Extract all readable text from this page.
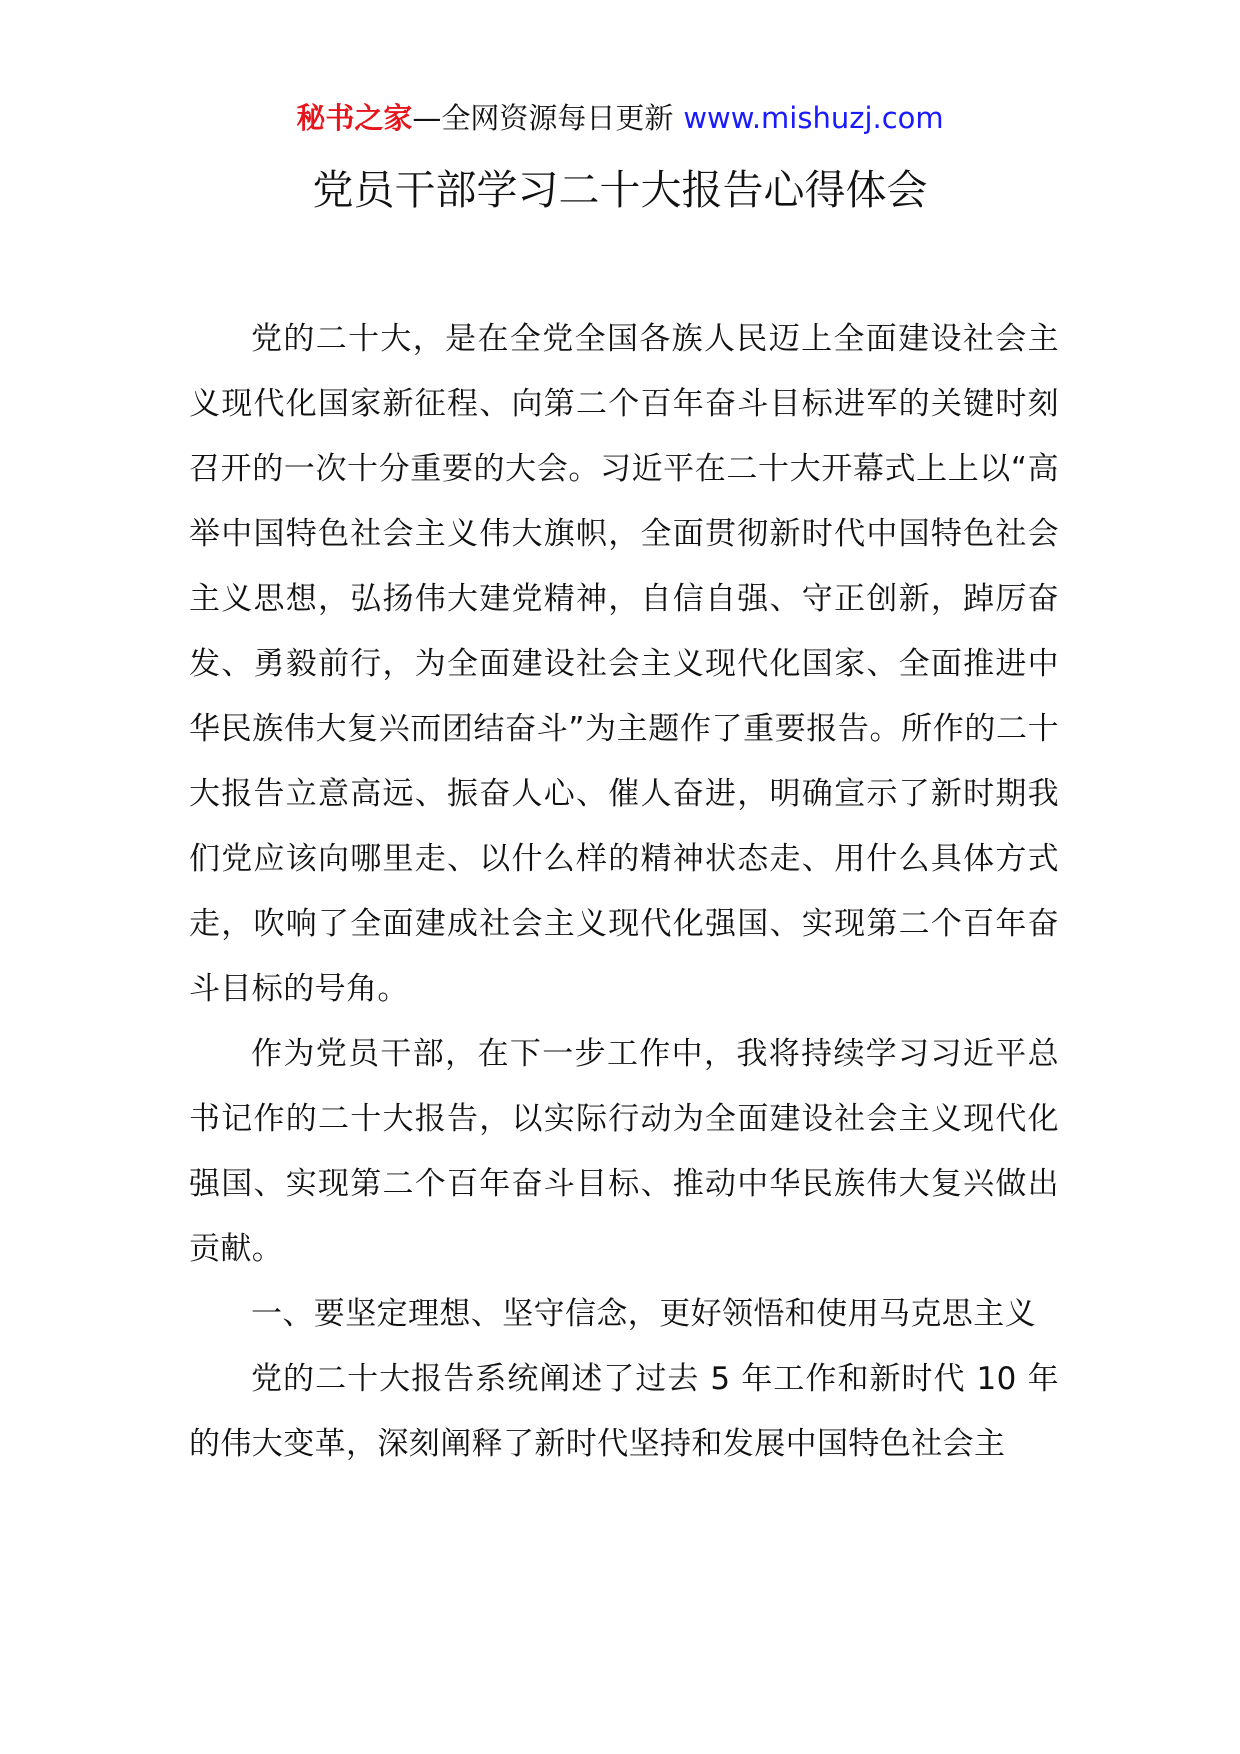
秘书之家—全网资源每日更新 www.mishuzj.com
党员干部学习二十大报告心得体会

党的二十大，是在全党全国各族人民迈上全面建设社会主义现代化国家新征程、向第二个百年奋斗目标进军的关键时刻召开的一次十分重要的大会。习近平在二十大开幕式上上以“高举中国特色社会主义伟大旗帜，全面贯彻新时代中国特色社会主义思想，弘扬伟大建党精神，自信自强、守正创新，踔厉奋发、勇毅前行，为全面建设社会主义现代化国家、全面推进中华民族伟大复兴而团结奋斗”为主题作了重要报告。所作的二十大报告立意高远、振奋人心、催人奋进，明确宣示了新时期我们党应该向哪里走、以什么样的精神状态走、用什么具体方式走，吹响了全面建成社会主义现代化强国、实现第二个百年奋斗目标的号角。

作为党员干部，在下一步工作中，我将持续学习习近平总书记作的二十大报告，以实际行动为全面建设社会主义现代化强国、实现第二个百年奋斗目标、推动中华民族伟大复兴做出贡献。

一、要坚定理想、坚守信念，更好领悟和使用马克思主义

党的二十大报告系统阐述了过去 5 年工作和新时代 10 年的伟大变革，深刻阐释了新时代坚持和发展中国特色社会主
